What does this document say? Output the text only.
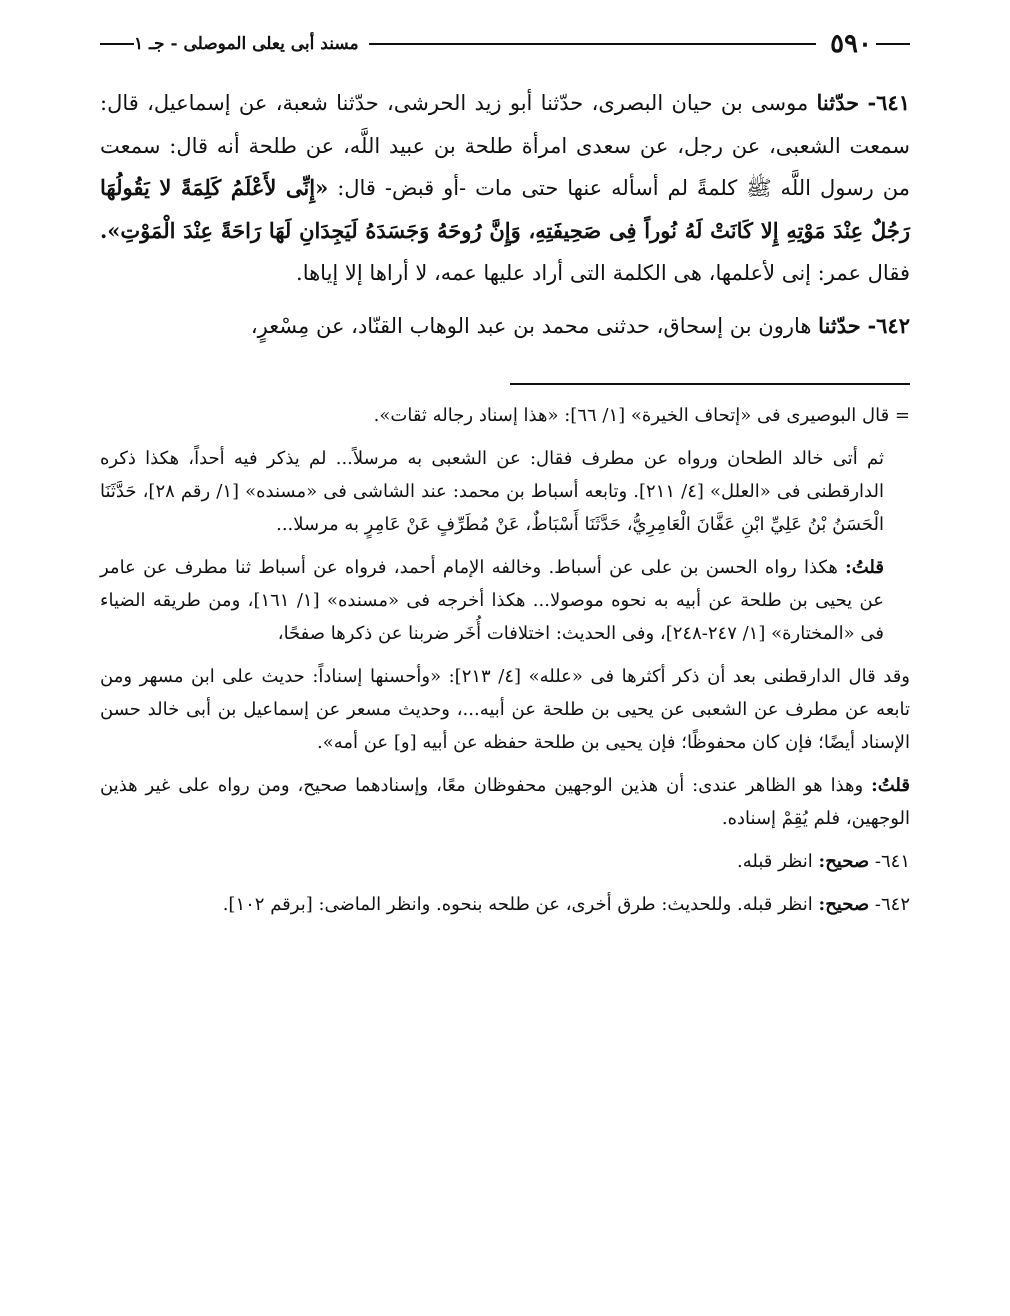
٥٩٠
مسند أبى يعلى الموصلى - جـ ١

٦٤١- حدّثنا موسى بن حيان البصرى، حدّثنا أبو زيد الحرشى، حدّثنا شعبة، عن إسماعيل، قال: سمعت الشعبى، عن رجل، عن سعدى امرأة طلحة بن عبيد اللَّه، عن طلحة أنه قال: سمعت من رسول اللَّه ﷺ كلمةً لم أسأله عنها حتى مات -أو قبض- قال: «إِنِّى لأَعْلَمُ كَلِمَةً لا يَقُولُهَا رَجُلٌ عِنْدَ مَوْتِهِ إِلا كَانَتْ لَهُ نُوراً فِى صَحِيفَتِهِ، وَإِنَّ رُوحَهُ وَجَسَدَهُ لَيَجِدَانِ لَهَا رَاحَةً عِنْدَ الْمَوْتِ». فقال عمر: إنى لأعلمها، هى الكلمة التى أراد عليها عمه، لا أراها إلا إياها.

٦٤٢- حدّثنا هارون بن إسحاق، حدثنى محمد بن عبد الوهاب القنّاد، عن مِسْعرٍ،

= قال البوصيرى فى «إتحاف الخيرة» [١/ ٦٦]: «هذا إسناد رجاله ثقات».

ثم أتى خالد الطحان ورواه عن مطرف فقال: عن الشعبى به مرسلاً... لم يذكر فيه أحداً، هكذا ذكره الدارقطنى فى «العلل» [٤/ ٢١١]. وتابعه أسباط بن محمد: عند الشاشى فى «مسنده» [١/ رقم ٢٨]، حَدَّثَنَا الْحَسَنُ بْنُ عَلِيِّ ابْنِ عَفَّانَ الْعَامِرِيُّ، حَدَّثَنَا أَسْبَاطٌ، عَنْ مُطَرِّفٍ عَنْ عَامِرٍ به مرسلا...

قلتُ: هكذا رواه الحسن بن على عن أسباط. وخالفه الإمام أحمد، فرواه عن أسباط ثنا مطرف عن عامر عن يحيى بن طلحة عن أبيه به نحوه موصولا... هكذا أخرجه فى «مسنده» [١/ ١٦١]، ومن طريقه الضياء فى «المختارة» [١/ ٢٤٧-٢٤٨]، وفى الحديث: اختلافات أُخَر ضربنا عن ذكرها صفحًا،

وقد قال الدارقطنى بعد أن ذكر أكثرها فى «علله» [٤/ ٢١٣]: «وأحسنها إسناداً: حديث على ابن مسهر ومن تابعه عن مطرف عن الشعبى عن يحيى بن طلحة عن أبيه...، وحديث مسعر عن إسماعيل بن أبى خالد حسن الإسناد أيضًا؛ فإن كان محفوظًا؛ فإن يحيى بن طلحة حفظه عن أبيه [و] عن أمه».

قلتُ: وهذا هو الظاهر عندى: أن هذين الوجهين محفوظان معًا، وإسنادهما صحيح، ومن رواه على غير هذين الوجهين، فلم يُقِمْ إسناده.

٦٤١- صحيح: انظر قبله.

٦٤٢- صحيح: انظر قبله. وللحديث: طرق أخرى، عن طلحه بنحوه. وانظر الماضى: [برقم ١٠٢].
